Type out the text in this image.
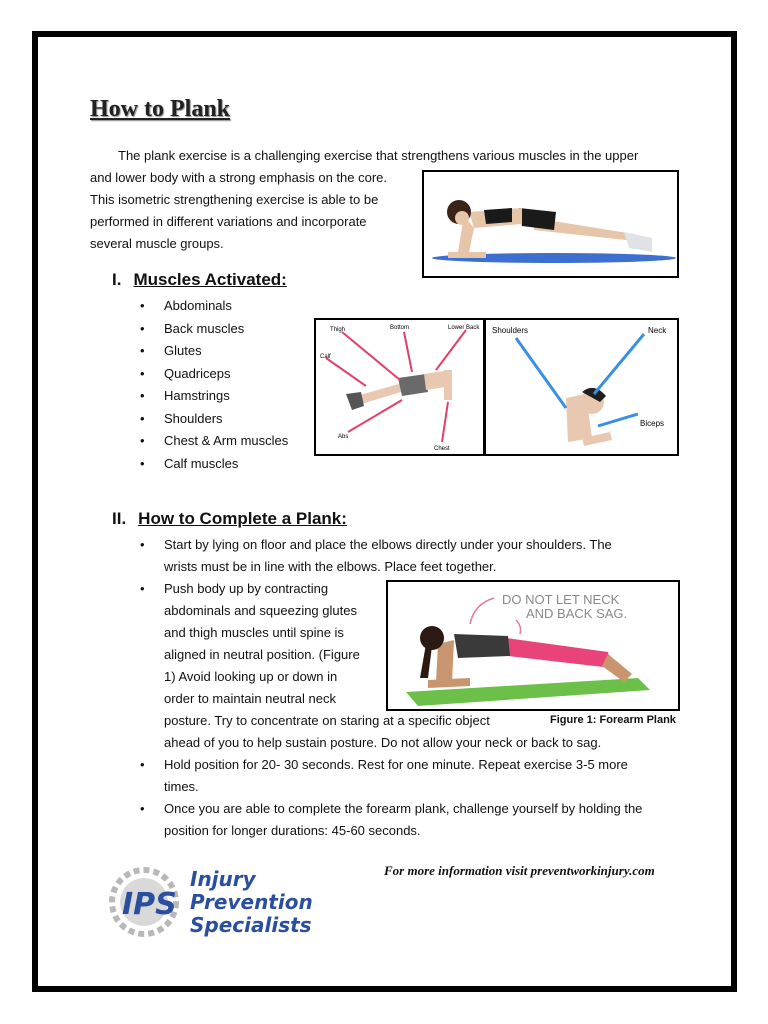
How to Plank
The plank exercise is a challenging exercise that strengthens various muscles in the upper
and lower body with a strong emphasis on the core.
This isometric strengthening exercise is able to be
performed in different variations and incorporate
several muscle groups.
I. Muscles Activated:
• Abdominals
• Back muscles
• Glutes
• Quadriceps
• Hamstrings
• Shoulders
• Chest & Arm muscles
• Calf muscles
Thigh	Bottom	Lower Back
Calf
Abs
Chest
Shoulders	Neck
Biceps
II. How to Complete a Plank:
• Start by lying on floor and place the elbows directly under your shoulders. The
wrists must be in line with the elbows. Place feet together.
• Push body up by contracting
abdominals and squeezing glutes
and thigh muscles until spine is
aligned in neutral position. (Figure
1) Avoid looking up or down in
order to maintain neutral neck
posture. Try to concentrate on staring at a specific object
ahead of you to help sustain posture. Do not allow your neck or back to sag.
• Hold position for 20- 30 seconds. Rest for one minute. Repeat exercise 3-5 more
times.
• Once you are able to complete the forearm plank, challenge yourself by holding the
position for longer durations: 45-60 seconds.
DO NOT LET NECK
AND BACK SAG.
Figure 1: Forearm Plank
For more information visit preventworkinjury.com
IPS
Injury
Prevention
Specialists
